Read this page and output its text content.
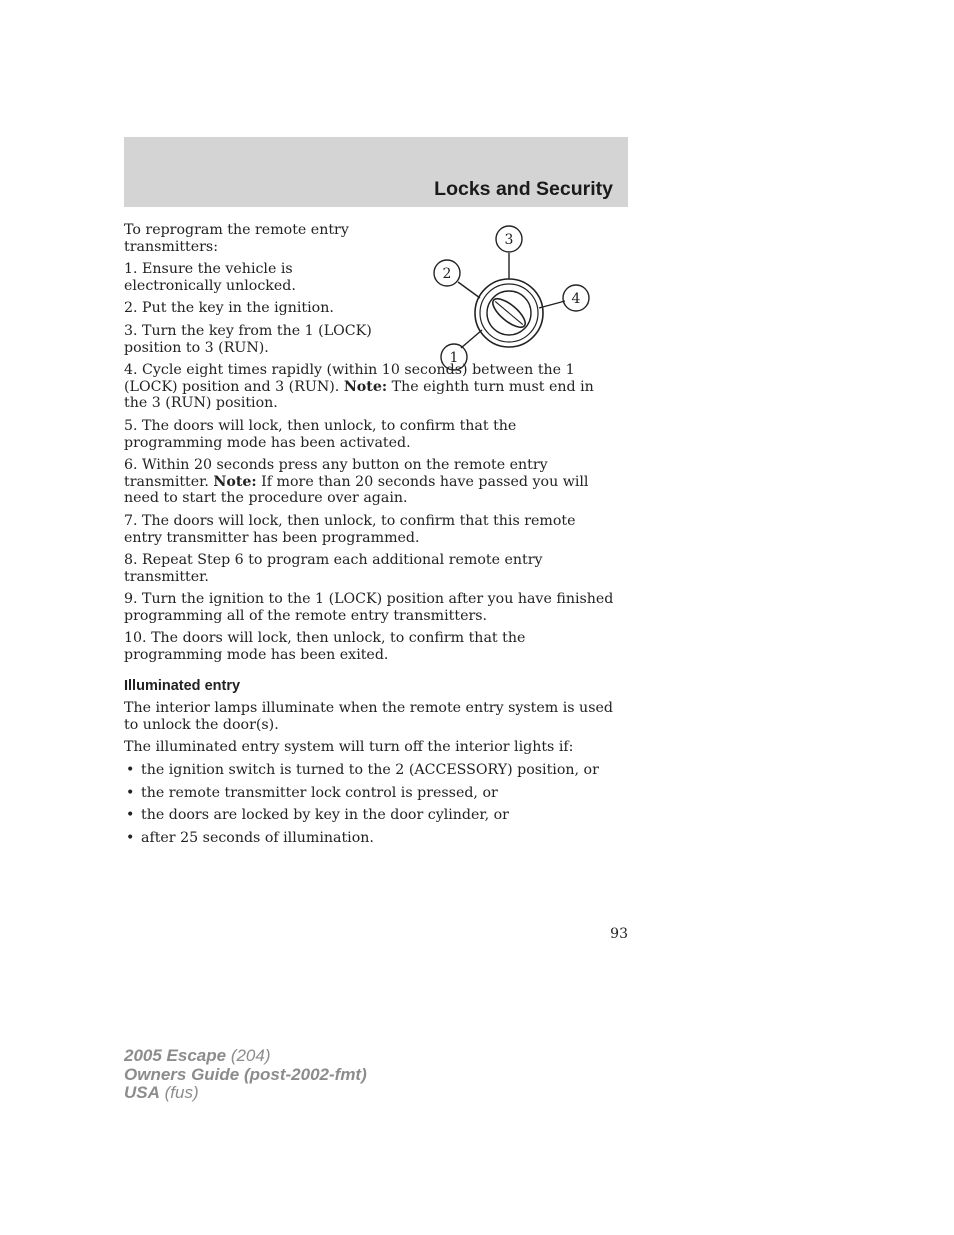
Locks and Security
1
2
3
4

To reprogram the remote entry transmitters:

1. Ensure the vehicle is electronically unlocked.

2. Put the key in the ignition.

3. Turn the key from the 1 (LOCK) position to 3 (RUN).

4. Cycle eight times rapidly (within 10 seconds) between the 1 (LOCK) position and 3 (RUN). Note: The eighth turn must end in the 3 (RUN) position.

5. The doors will lock, then unlock, to confirm that the programming mode has been activated.

6. Within 20 seconds press any button on the remote entry transmitter. Note: If more than 20 seconds have passed you will need to start the procedure over again.

7. The doors will lock, then unlock, to confirm that this remote entry transmitter has been programmed.

8. Repeat Step 6 to program each additional remote entry transmitter.

9. Turn the ignition to the 1 (LOCK) position after you have finished programming all of the remote entry transmitters.

10. The doors will lock, then unlock, to confirm that the programming mode has been exited.

Illuminated entry

The interior lamps illuminate when the remote entry system is used to unlock the door(s).

The illuminated entry system will turn off the interior lights if:

• the ignition switch is turned to the 2 (ACCESSORY) position, or
• the remote transmitter lock control is pressed, or
• the doors are locked by key in the door cylinder, or
• after 25 seconds of illumination.
93
2005 Escape (204)
Owners Guide (post-2002-fmt)
USA (fus)
